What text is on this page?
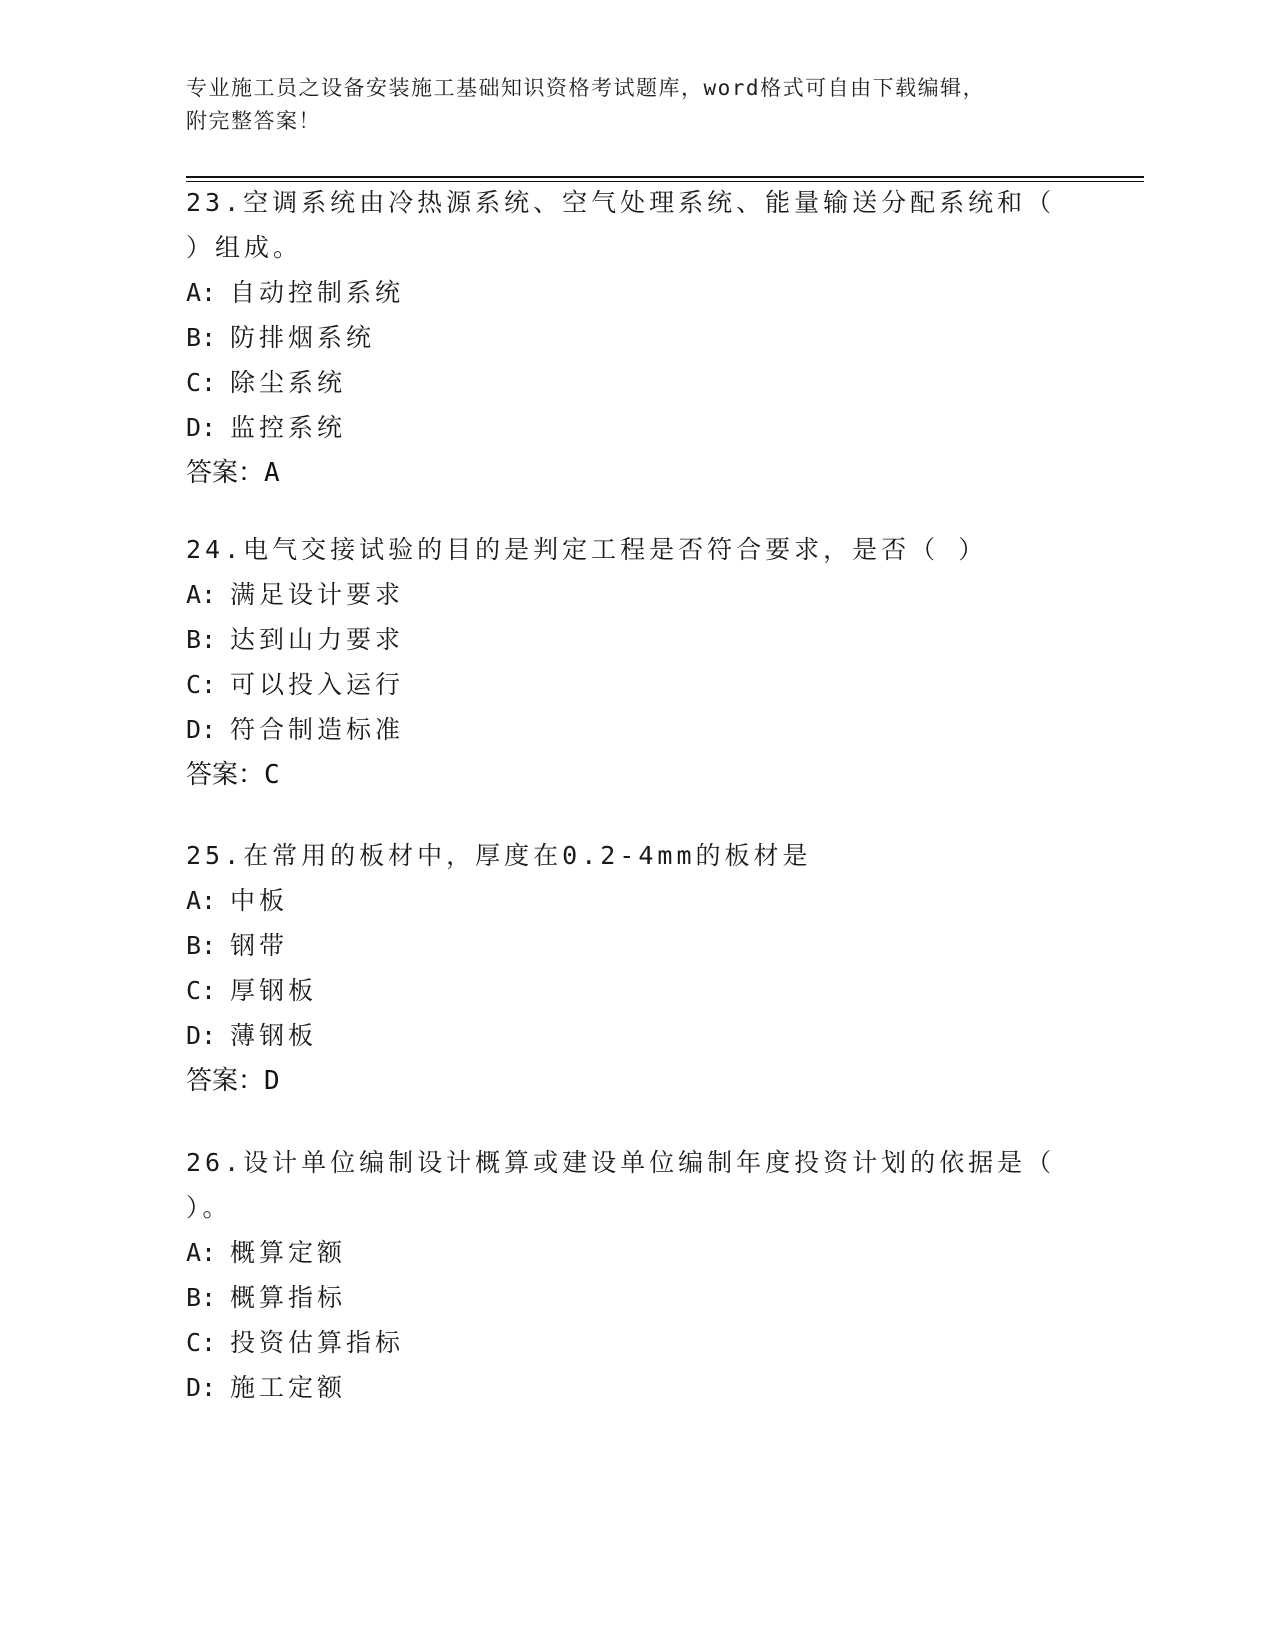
专业施工员之设备安装施工基础知识资格考试题库，word格式可自由下载编辑，
附完整答案！

23.空调系统由冷热源系统、空气处理系统、能量输送分配系统和（

）组成。

A: 自动控制系统

B: 防排烟系统

C: 除尘系统

D: 监控系统

答案：A

24.电气交接试验的目的是判定工程是否符合要求，是否（ ）

A: 满足设计要求

B: 达到山力要求

C: 可以投入运行

D: 符合制造标准

答案：C

25.在常用的板材中，厚度在0.2-4mm的板材是

A: 中板

B: 钢带

C: 厚钢板

D: 薄钢板

答案：D

26.设计单位编制设计概算或建设单位编制年度投资计划的依据是（

）。

A: 概算定额

B: 概算指标

C: 投资估算指标

D: 施工定额
